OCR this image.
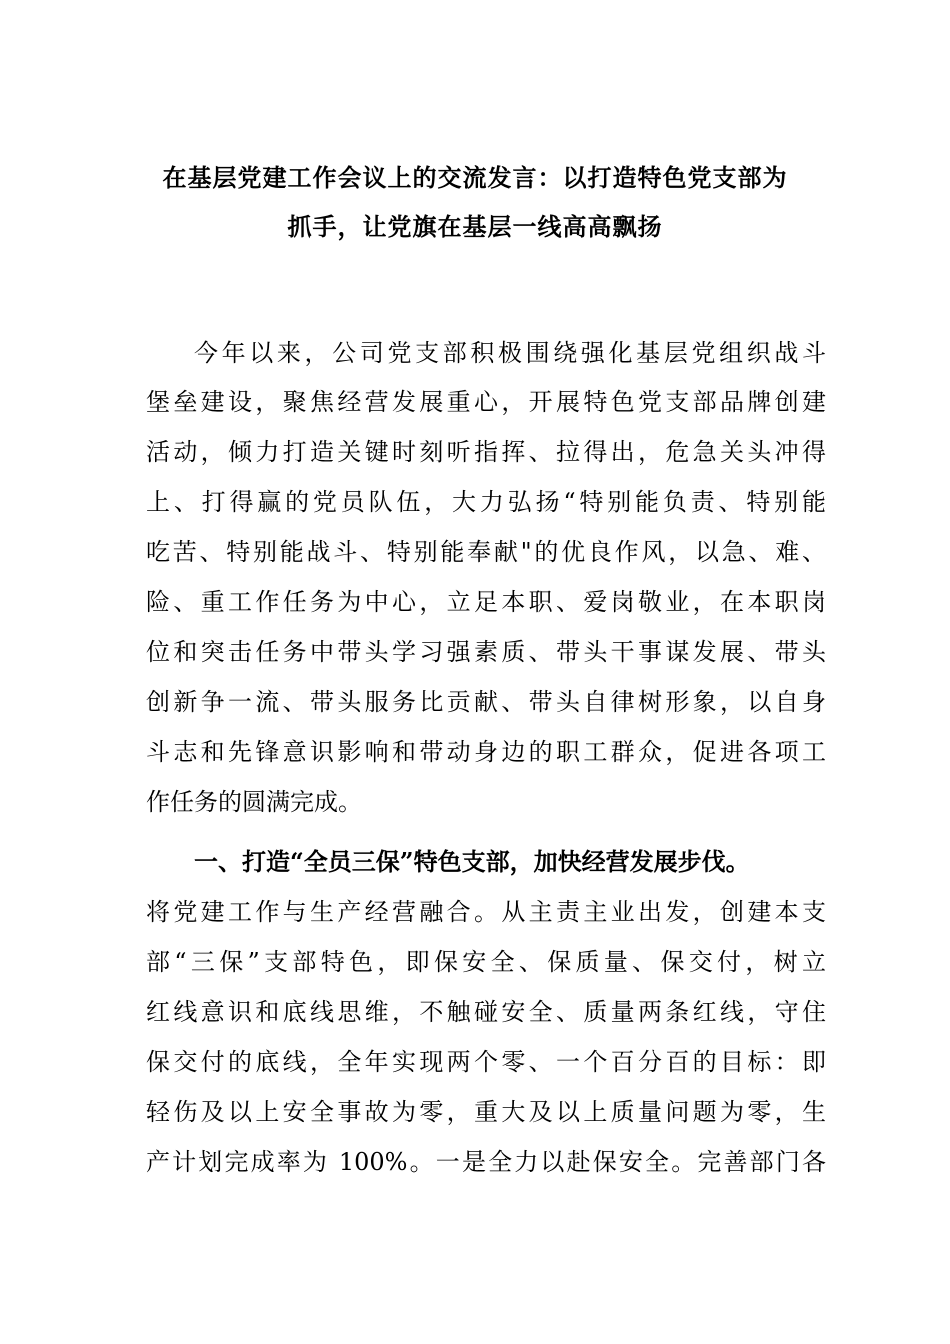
在基层党建工作会议上的交流发言：以打造特色党支部为
抓手，让党旗在基层一线高高飘扬
今年以来，公司党支部积极围绕强化基层党组织战斗
堡垒建设，聚焦经营发展重心，开展特色党支部品牌创建
活动，倾力打造关键时刻听指挥、拉得出，危急关头冲得
上、打得赢的党员队伍，大力弘扬“特别能负责、特别能
吃苦、特别能战斗、特别能奉献"的优良作风，以急、难、
险、重工作任务为中心，立足本职、爱岗敬业，在本职岗
位和突击任务中带头学习强素质、带头干事谋发展、带头
创新争一流、带头服务比贡献、带头自律树形象，以自身
斗志和先锋意识影响和带动身边的职工群众，促进各项工
作任务的圆满完成。
一、打造“全员三保”特色支部，加快经营发展步伐。
将党建工作与生产经营融合。从主责主业出发，创建本支
部“三保”支部特色，即保安全、保质量、保交付，树立
红线意识和底线思维，不触碰安全、质量两条红线，守住
保交付的底线，全年实现两个零、一个百分百的目标：即
轻伤及以上安全事故为零，重大及以上质量问题为零，生
产计划完成率为 100%。一是全力以赴保安全。完善部门各
